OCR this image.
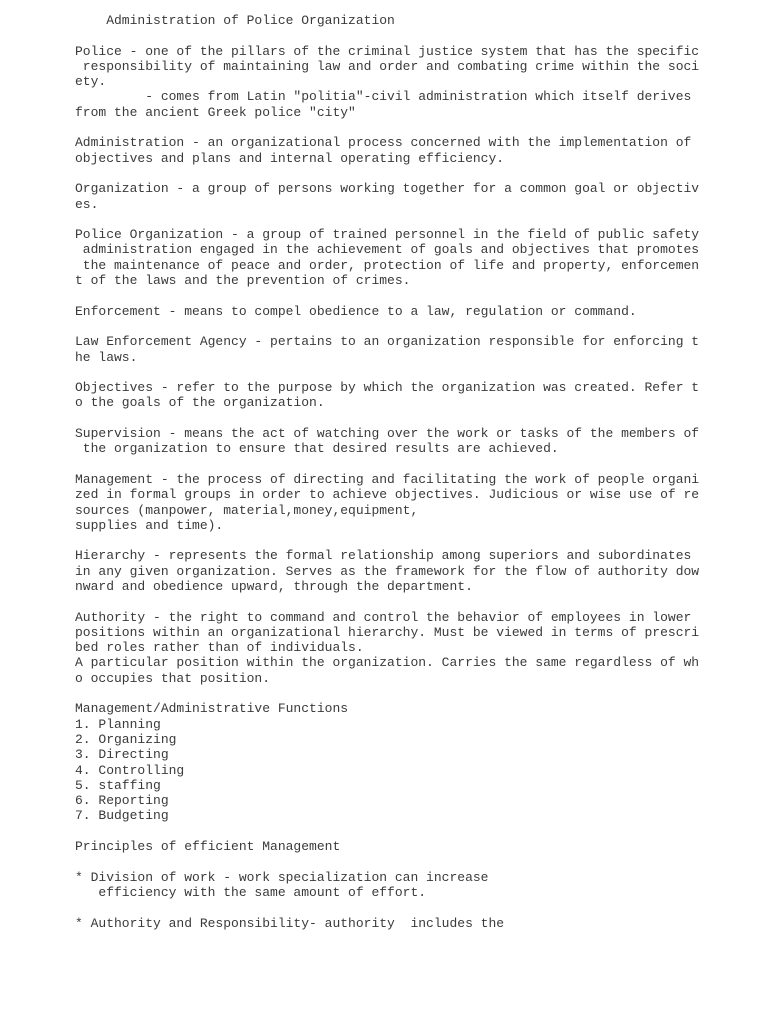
Administration of Police Organization
Police - one of the pillars of the criminal justice system that has the specific
responsibility of maintaining law and order and combating crime within the soci
ety.
- comes from Latin "politia"-civil administration which itself derives
from the ancient Greek police "city"
Administration - an organizational process concerned with the implementation of
objectives and plans and internal operating efficiency.
Organization - a group of persons working together for a common goal or objectiv
es.
Police Organization - a group of trained personnel in the field of public safety
administration engaged in the achievement of goals and objectives that promotes
the maintenance of peace and order, protection of life and property, enforcemen
t of the laws and the prevention of crimes.
Enforcement - means to compel obedience to a law, regulation or command.
Law Enforcement Agency - pertains to an organization responsible for enforcing t
he laws.
Objectives - refer to the purpose by which the organization was created. Refer t
o the goals of the organization.
Supervision - means the act of watching over the work or tasks of the members of
the organization to ensure that desired results are achieved.
Management - the process of directing and facilitating the work of people organi
zed in formal groups in order to achieve objectives. Judicious or wise use of re
sources (manpower, material,money,equipment,
supplies and time).
Hierarchy - represents the formal relationship among superiors and subordinates
in any given organization. Serves as the framework for the flow of authority dow
nward and obedience upward, through the department.
Authority - the right to command and control the behavior of employees in lower
positions within an organizational hierarchy. Must be viewed in terms of prescri
bed roles rather than of individuals.
A particular position within the organization. Carries the same regardless of wh
o occupies that position.
Management/Administrative Functions
1. Planning
2. Organizing
3. Directing
4. Controlling
5. staffing
6. Reporting
7. Budgeting
Principles of efficient Management
* Division of work - work specialization can increase
efficiency with the same amount of effort.
* Authority and Responsibility- authority  includes the
